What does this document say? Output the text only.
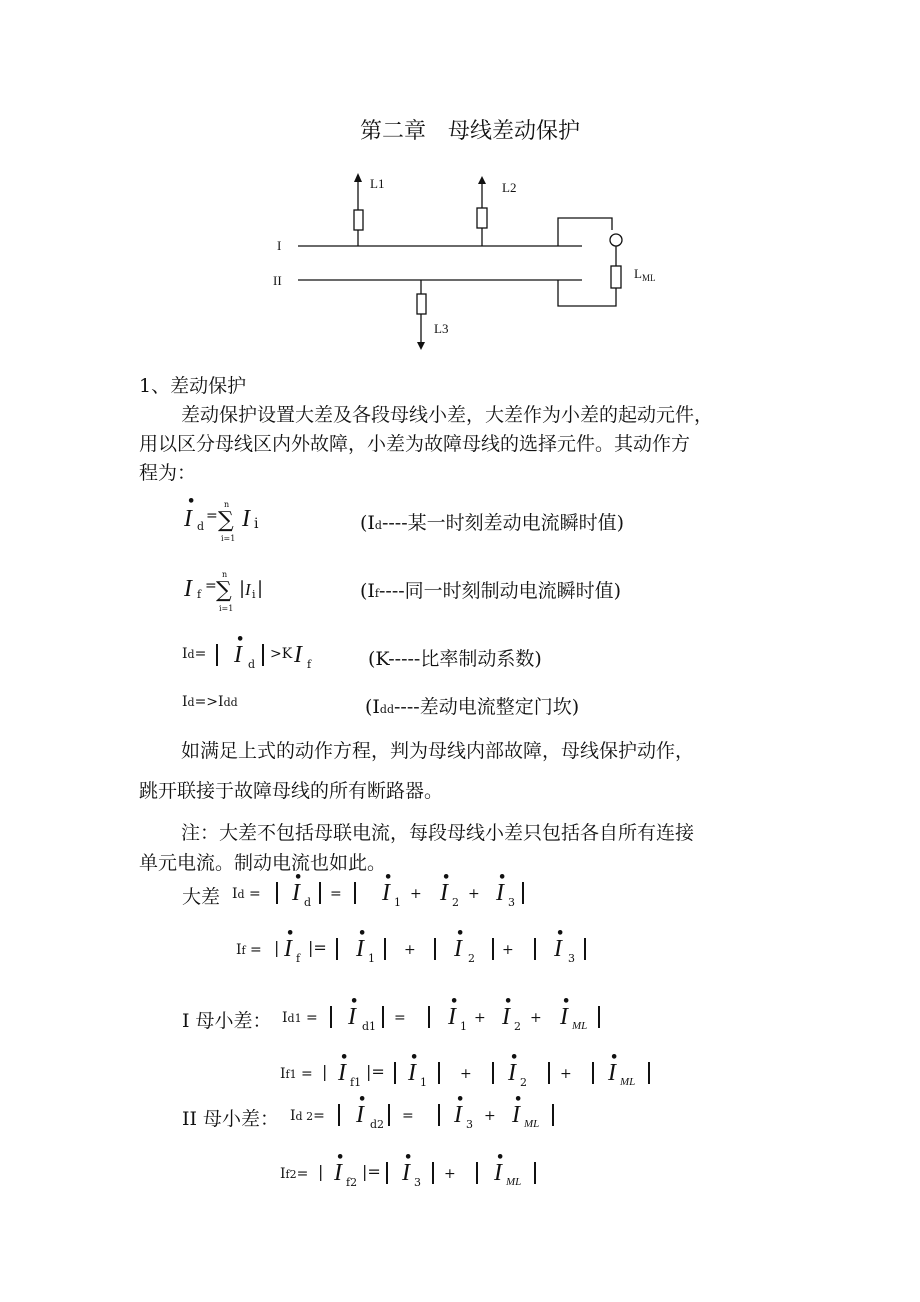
第二章　母线差动保护
L1	L2
L3
I
II	$L_{ML}$
1、差动保护
差动保护设置大差及各段母线小差，大差作为小差的起动元件，
用以区分母线区内外故障，小差为故障母线的选择元件。其动作方
程为：
•
I d
= ∑
n
i=1
I i	(Id----某一时刻差动电流瞬时值)
I f
= ∑
n
i=1
| I i |	(If----同一时刻制动电流瞬时值)
Id=
•
I d
>K I f	(K-----比率制动系数)
Id=>Idd	(Idd----差动电流整定门坎)
如满足上式的动作方程，判为母线内部故障，母线保护动作，
跳开联接于故障母线的所有断路器。
注：大差不包括母联电流，每段母线小差只包括各自所有连接
单元电流。制动电流也如此。
大差 Id =
•
I d
=
•
I 1
+
•
I 2
+
•
I 3
If = |
•
I f
|=
•
I 1
+
•
I 2
+
•
I 3
I 母小差： Id1 =
•
I d1
=
•
I 1
+
•
I 2
+
•
I ML
If1 = |
•
I f1
|=
•
I 1
+
•
I 2
+
•
I ML
II 母小差： Id 2=
•
I d2
=
•
I 3
+
•
I ML
If2= |
•
I f2
|=
•
I 3
+
•
I ML
